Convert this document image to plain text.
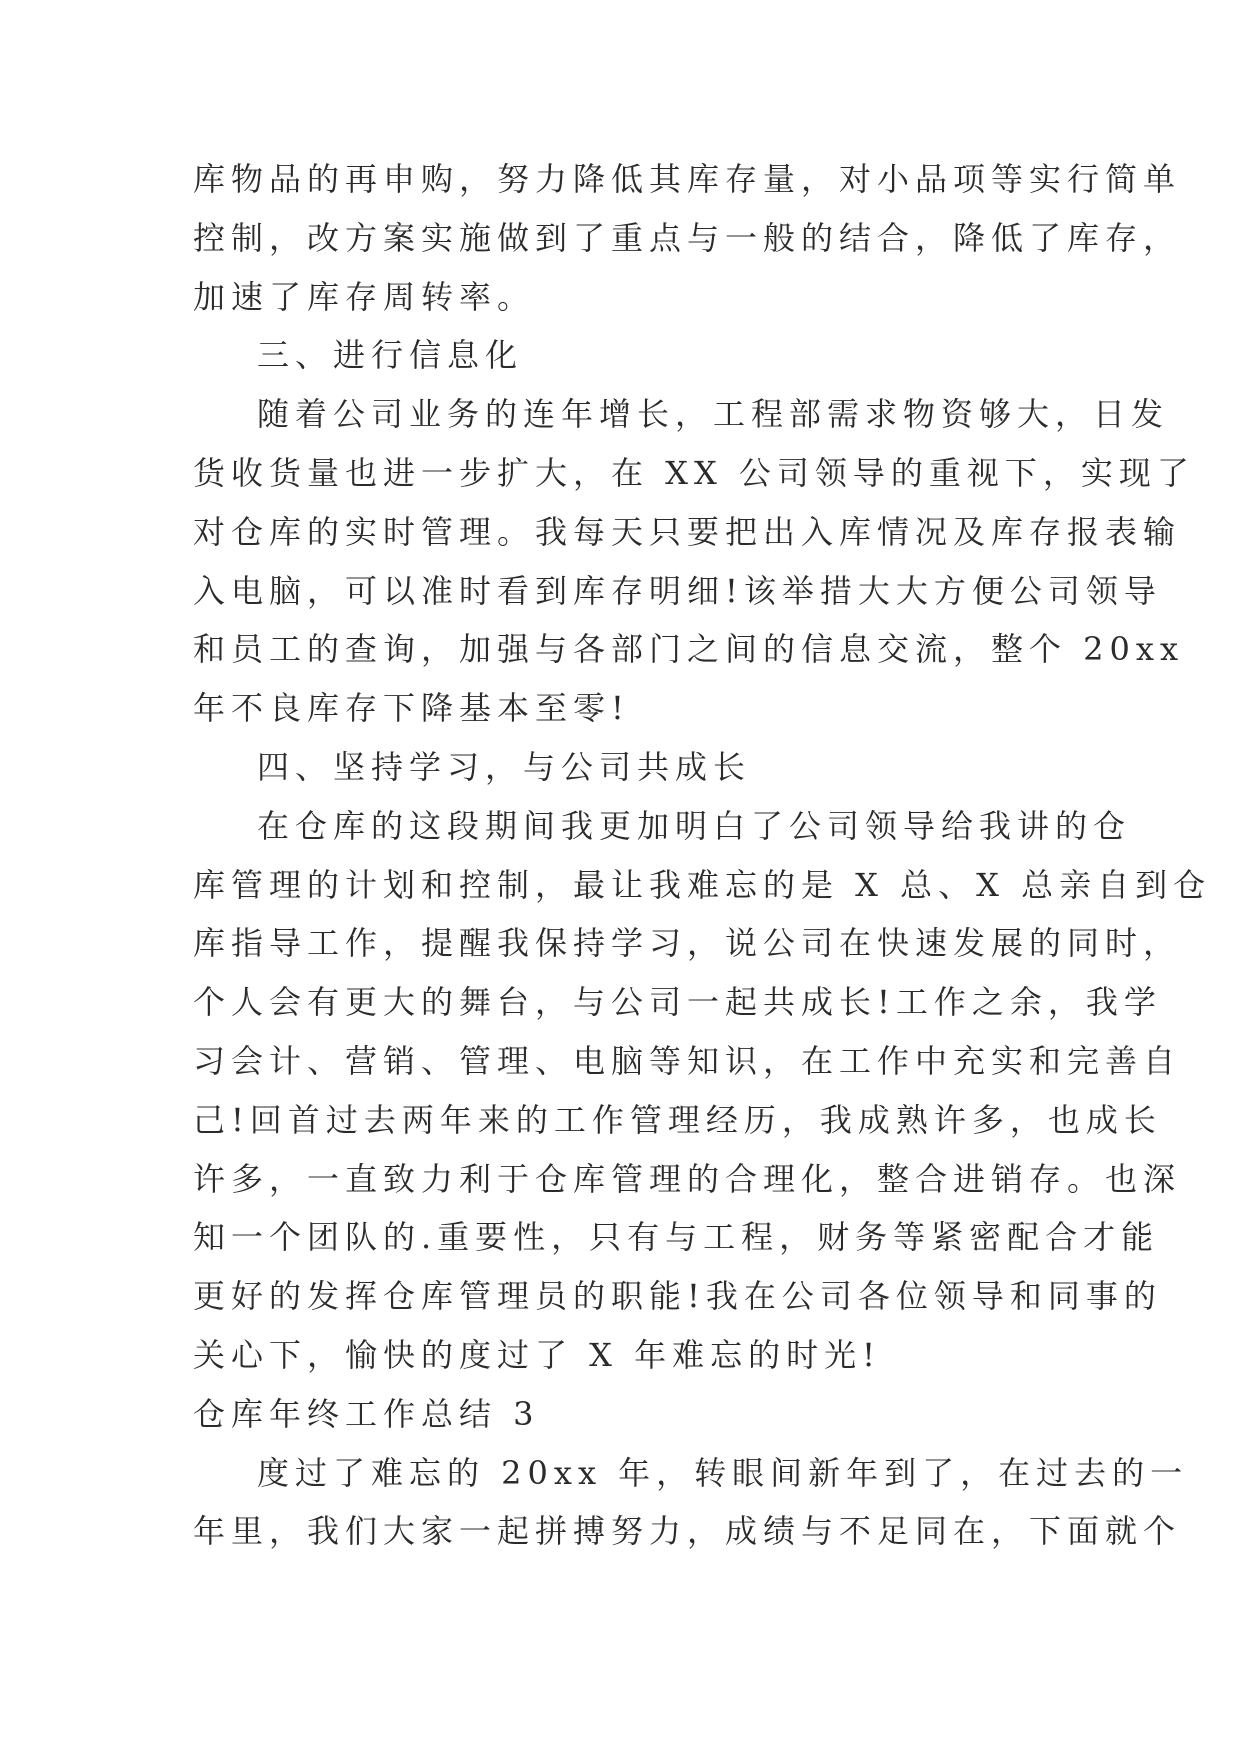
库物品的再申购，努力降低其库存量，对小品项等实行简单
控制，改方案实施做到了重点与一般的结合，降低了库存，
加速了库存周转率。
三、进行信息化
随着公司业务的连年增长，工程部需求物资够大，日发
货收货量也进一步扩大，在 XX 公司领导的重视下，实现了
对仓库的实时管理。我每天只要把出入库情况及库存报表输
入电脑，可以准时看到库存明细!该举措大大方便公司领导
和员工的查询，加强与各部门之间的信息交流，整个 20xx
年不良库存下降基本至零!
四、坚持学习，与公司共成长
在仓库的这段期间我更加明白了公司领导给我讲的仓
库管理的计划和控制，最让我难忘的是 X 总、X 总亲自到仓
库指导工作，提醒我保持学习，说公司在快速发展的同时，
个人会有更大的舞台，与公司一起共成长!工作之余，我学
习会计、营销、管理、电脑等知识，在工作中充实和完善自
己!回首过去两年来的工作管理经历，我成熟许多，也成长
许多，一直致力利于仓库管理的合理化，整合进销存。也深
知一个团队的.重要性，只有与工程，财务等紧密配合才能
更好的发挥仓库管理员的职能!我在公司各位领导和同事的
关心下，愉快的度过了 X 年难忘的时光!
仓库年终工作总结 3
度过了难忘的 20xx 年，转眼间新年到了，在过去的一
年里，我们大家一起拼搏努力，成绩与不足同在，下面就个
